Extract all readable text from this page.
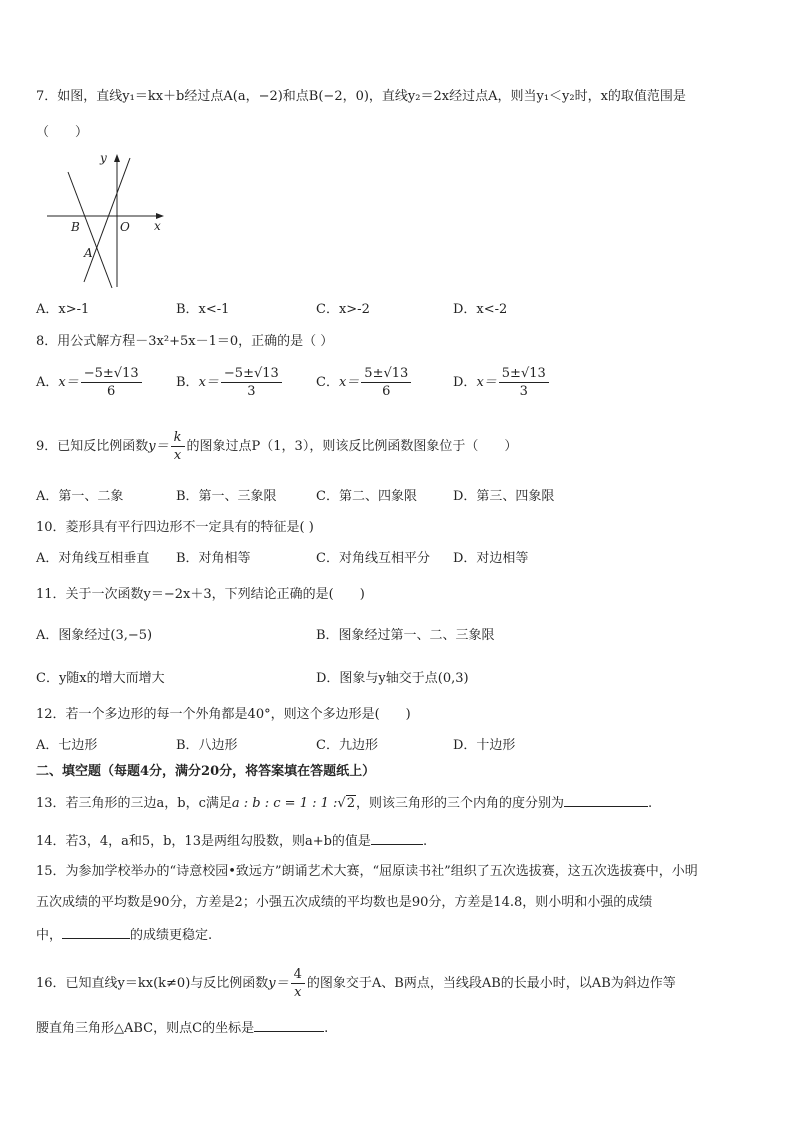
7．如图，直线y₁＝kx＋b经过点A(a，−2)和点B(−2，0)，直线y₂＝2x经过点A，则当y₁＜y₂时，x的取值范围是
（　　）
y
x
B	O
A
A．x>-1	B．x<-1	C．x>-2	D．x<-2
8．用公式解方程－3x²+5x－1＝0，正确的是（ ）
A．$x= \frac{-5\pm√13}{6}$	B．$x= \frac{-5\pm√13}{3}$	C．$x= \frac{5\pm√13}{6}$	D．$x= \frac{5\pm√13}{3}$
9．已知反比例函数$y= \frac{k}{x}$ 的图象过点P（1，3），则该反比例函数图象位于（　　）
A．第一、二象	B．第一、三象限	C．第二、四象限	D．第三、四象限
10．菱形具有平行四边形不一定具有的特征是( )
A．对角线互相垂直 B．对角相等	C．对角线互相平分 D．对边相等
11．关于一次函数y＝−2x＋3，下列结论正确的是(　　)
A．图象经过(3,−5)	B．图象经过第一、二、三象限
C．y随x的增大而增大	D．图象与y轴交于点(0,3)
12．若一个多边形的每一个外角都是40°，则这个多边形是(　　)
A．七边形	B．八边形	C．九边形	D．十边形
二、填空题（每题4分，满分20分，将答案填在答题纸上）
13．若三角形的三边a，b，c满足a : b : c = 1 : 1 :√2，则该三角形的三个内角的度分别为	.
14．若3，4，a和5，b，13是两组勾股数，则a+b的值是	.
15．为参加学校举办的“诗意校园•致远方”朗诵艺术大赛，“屈原读书社”组织了五次选拔赛，这五次选拔赛中，小明
五次成绩的平均数是90分，方差是2；小强五次成绩的平均数也是90分，方差是14.8，则小明和小强的成绩
中，	的成绩更稳定.
16．已知直线y＝kx(k≠0)与反比例函数$y= \frac{4}{x}$ 的图象交于A、B两点，当线段AB的长最小时，以AB为斜边作等
腰直角三角形△ABC，则点C的坐标是	.
